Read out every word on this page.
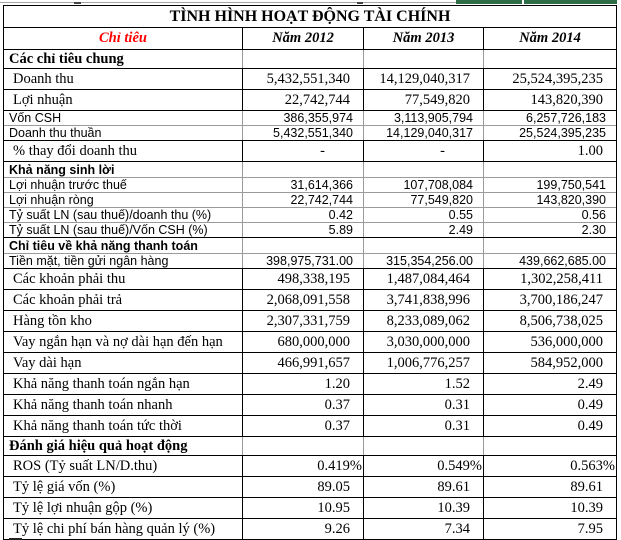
TÌNH HÌNH HOẠT ĐỘNG TÀI CHÍNH
Chỉ tiêu	Năm 2012	Năm 2013	Năm 2014
Các chỉ tiêu chung
Doanh thu	5,432,551,340	14,129,040,317	25,524,395,235
Lợi nhuận	22,742,744	77,549,820	143,820,390
Vốn CSH	386,355,974	3,113,905,794	6,257,726,183
Doanh thu thuần	5,432,551,340	14,129,040,317	25,524,395,235
% thay đổi doanh thu	-	-	1.00
Khả năng sinh lời
Lợi nhuận trước thuế	31,614,366	107,708,084	199,750,541
Lợi nhuận ròng	22,742,744	77,549,820	143,820,390
Tỷ suất LN (sau thuế)/doanh thu (%)	0.42	0.55	0.56
Tỷ suất LN (sau thuế)/Vốn CSH (%)	5.89	2.49	2.30
Chỉ tiêu về khả năng thanh toán
Tiền mặt, tiền gửi ngân hàng	398,975,731.00	315,354,256.00	439,662,685.00
Các khoản phải thu	498,338,195	1,487,084,464	1,302,258,411
Các khoản phải trả	2,068,091,558	3,741,838,996	3,700,186,247
Hàng tồn kho	2,307,331,759	8,233,089,062	8,506,738,025
Vay ngắn hạn và nợ dài hạn đến hạn	680,000,000	3,030,000,000	536,000,000
Vay dài hạn	466,991,657	1,006,776,257	584,952,000
Khả năng thanh toán ngắn hạn	1.20	1.52	2.49
Khả năng thanh toán nhanh	0.37	0.31	0.49
Khả năng thanh toán tức thời	0.37	0.31	0.49
Đánh giá hiệu quả hoạt động
ROS (Tỷ suất LN/D.thu)	0.419%	0.549%	0.563%
Tỷ lệ giá vốn (%)	89.05	89.61	89.61
Tỷ lệ lợi nhuận gộp (%)	10.95	10.39	10.39
Tỷ lệ chi phí bán hàng quản lý (%)	9.26	7.34	7.95
